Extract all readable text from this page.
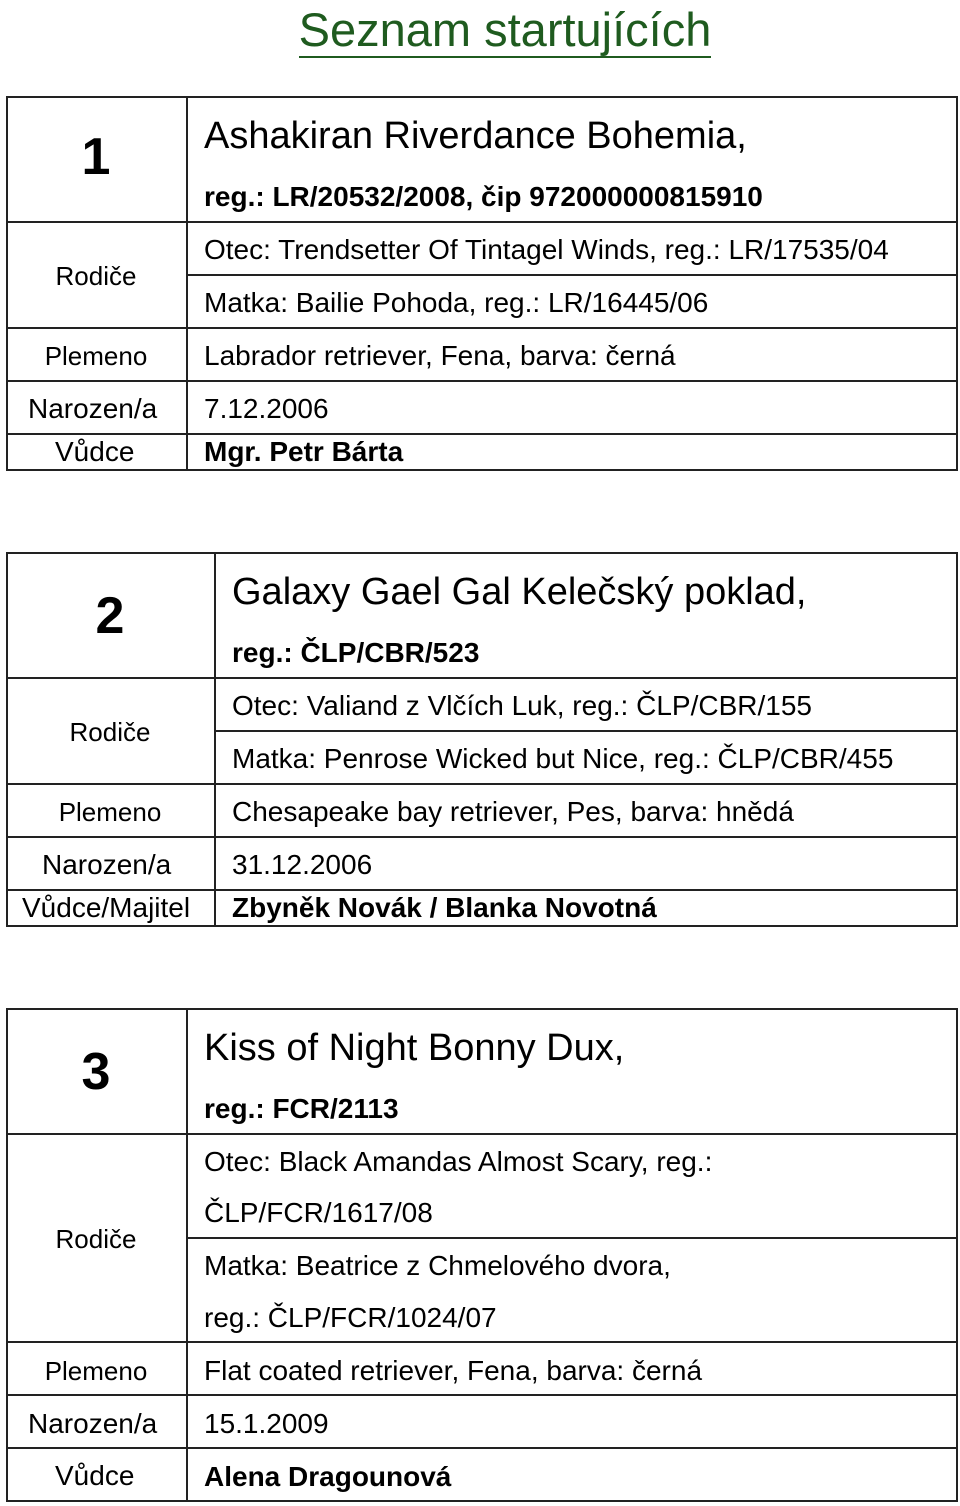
Seznam startujících
1	Ashakiran Riverdance Bohemia,
reg.: LR/20532/2008, čip 972000000815910
Rodiče
Otec: Trendsetter Of Tintagel Winds, reg.: LR/17535/04
Matka: Bailie Pohoda, reg.: LR/16445/06
Plemeno	Labrador retriever, Fena, barva: černá
Narozen/a 7.12.2006
Vůdce Mgr. Petr Bárta
2	Galaxy Gael Gal Kelečský poklad,
reg.: ČLP/CBR/523
Rodiče
Otec: Valiand z Vlčích Luk, reg.: ČLP/CBR/155
Matka: Penrose Wicked but Nice, reg.: ČLP/CBR/455
Plemeno	Chesapeake bay retriever, Pes, barva: hnědá
Narozen/a 31.12.2006
Vůdce/Majitel Zbyněk Novák / Blanka Novotná
3	Kiss of Night Bonny Dux,
reg.: FCR/2113
Rodiče
Otec: Black Amandas Almost Scary, reg.:
ČLP/FCR/1617/08
Matka: Beatrice z Chmelového dvora,
reg.: ČLP/FCR/1024/07
Plemeno	Flat coated retriever, Fena, barva: černá
Narozen/a 15.1.2009
Vůdce Alena Dragounová
